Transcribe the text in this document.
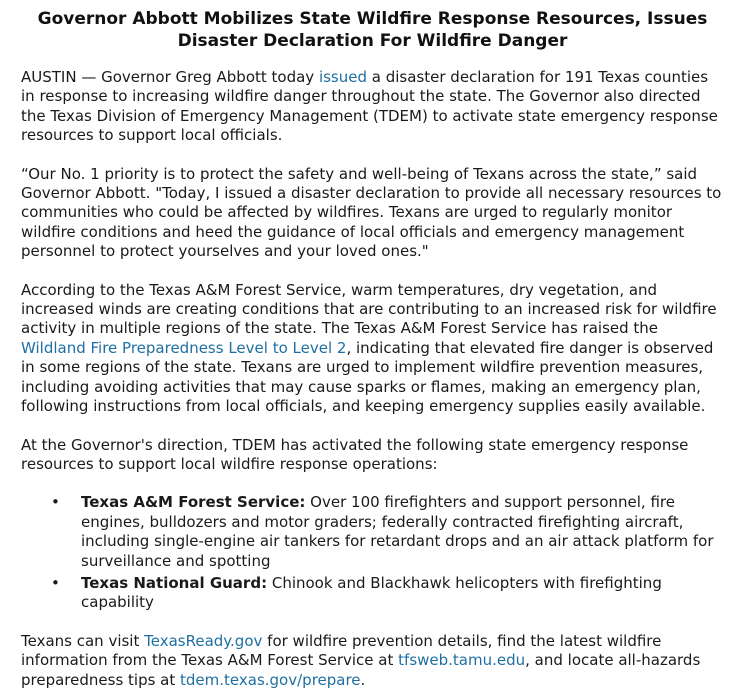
Governor Abbott Mobilizes State Wildfire Response Resources, Issues Disaster Declaration For Wildfire Danger

AUSTIN — Governor Greg Abbott today issued a disaster declaration for 191 Texas counties in response to increasing wildfire danger throughout the state. The Governor also directed the Texas Division of Emergency Management (TDEM) to activate state emergency response resources to support local officials.

“Our No. 1 priority is to protect the safety and well-being of Texans across the state,” said Governor Abbott. "Today, I issued a disaster declaration to provide all necessary resources to communities who could be affected by wildfires. Texans are urged to regularly monitor wildfire conditions and heed the guidance of local officials and emergency management personnel to protect yourselves and your loved ones."

According to the Texas A&M Forest Service, warm temperatures, dry vegetation, and increased winds are creating conditions that are contributing to an increased risk for wildfire activity in multiple regions of the state. The Texas A&M Forest Service has raised the Wildland Fire Preparedness Level to Level 2, indicating that elevated fire danger is observed in some regions of the state. Texans are urged to implement wildfire prevention measures, including avoiding activities that may cause sparks or flames, making an emergency plan, following instructions from local officials, and keeping emergency supplies easily available.

At the Governor's direction, TDEM has activated the following state emergency response resources to support local wildfire response operations:

• Texas A&M Forest Service: Over 100 firefighters and support personnel, fire engines, bulldozers and motor graders; federally contracted firefighting aircraft, including single-engine air tankers for retardant drops and an air attack platform for surveillance and spotting
• Texas National Guard: Chinook and Blackhawk helicopters with firefighting capability

Texans can visit TexasReady.gov for wildfire prevention details, find the latest wildfire information from the Texas A&M Forest Service at tfsweb.tamu.edu, and locate all-hazards preparedness tips at tdem.texas.gov/prepare.
